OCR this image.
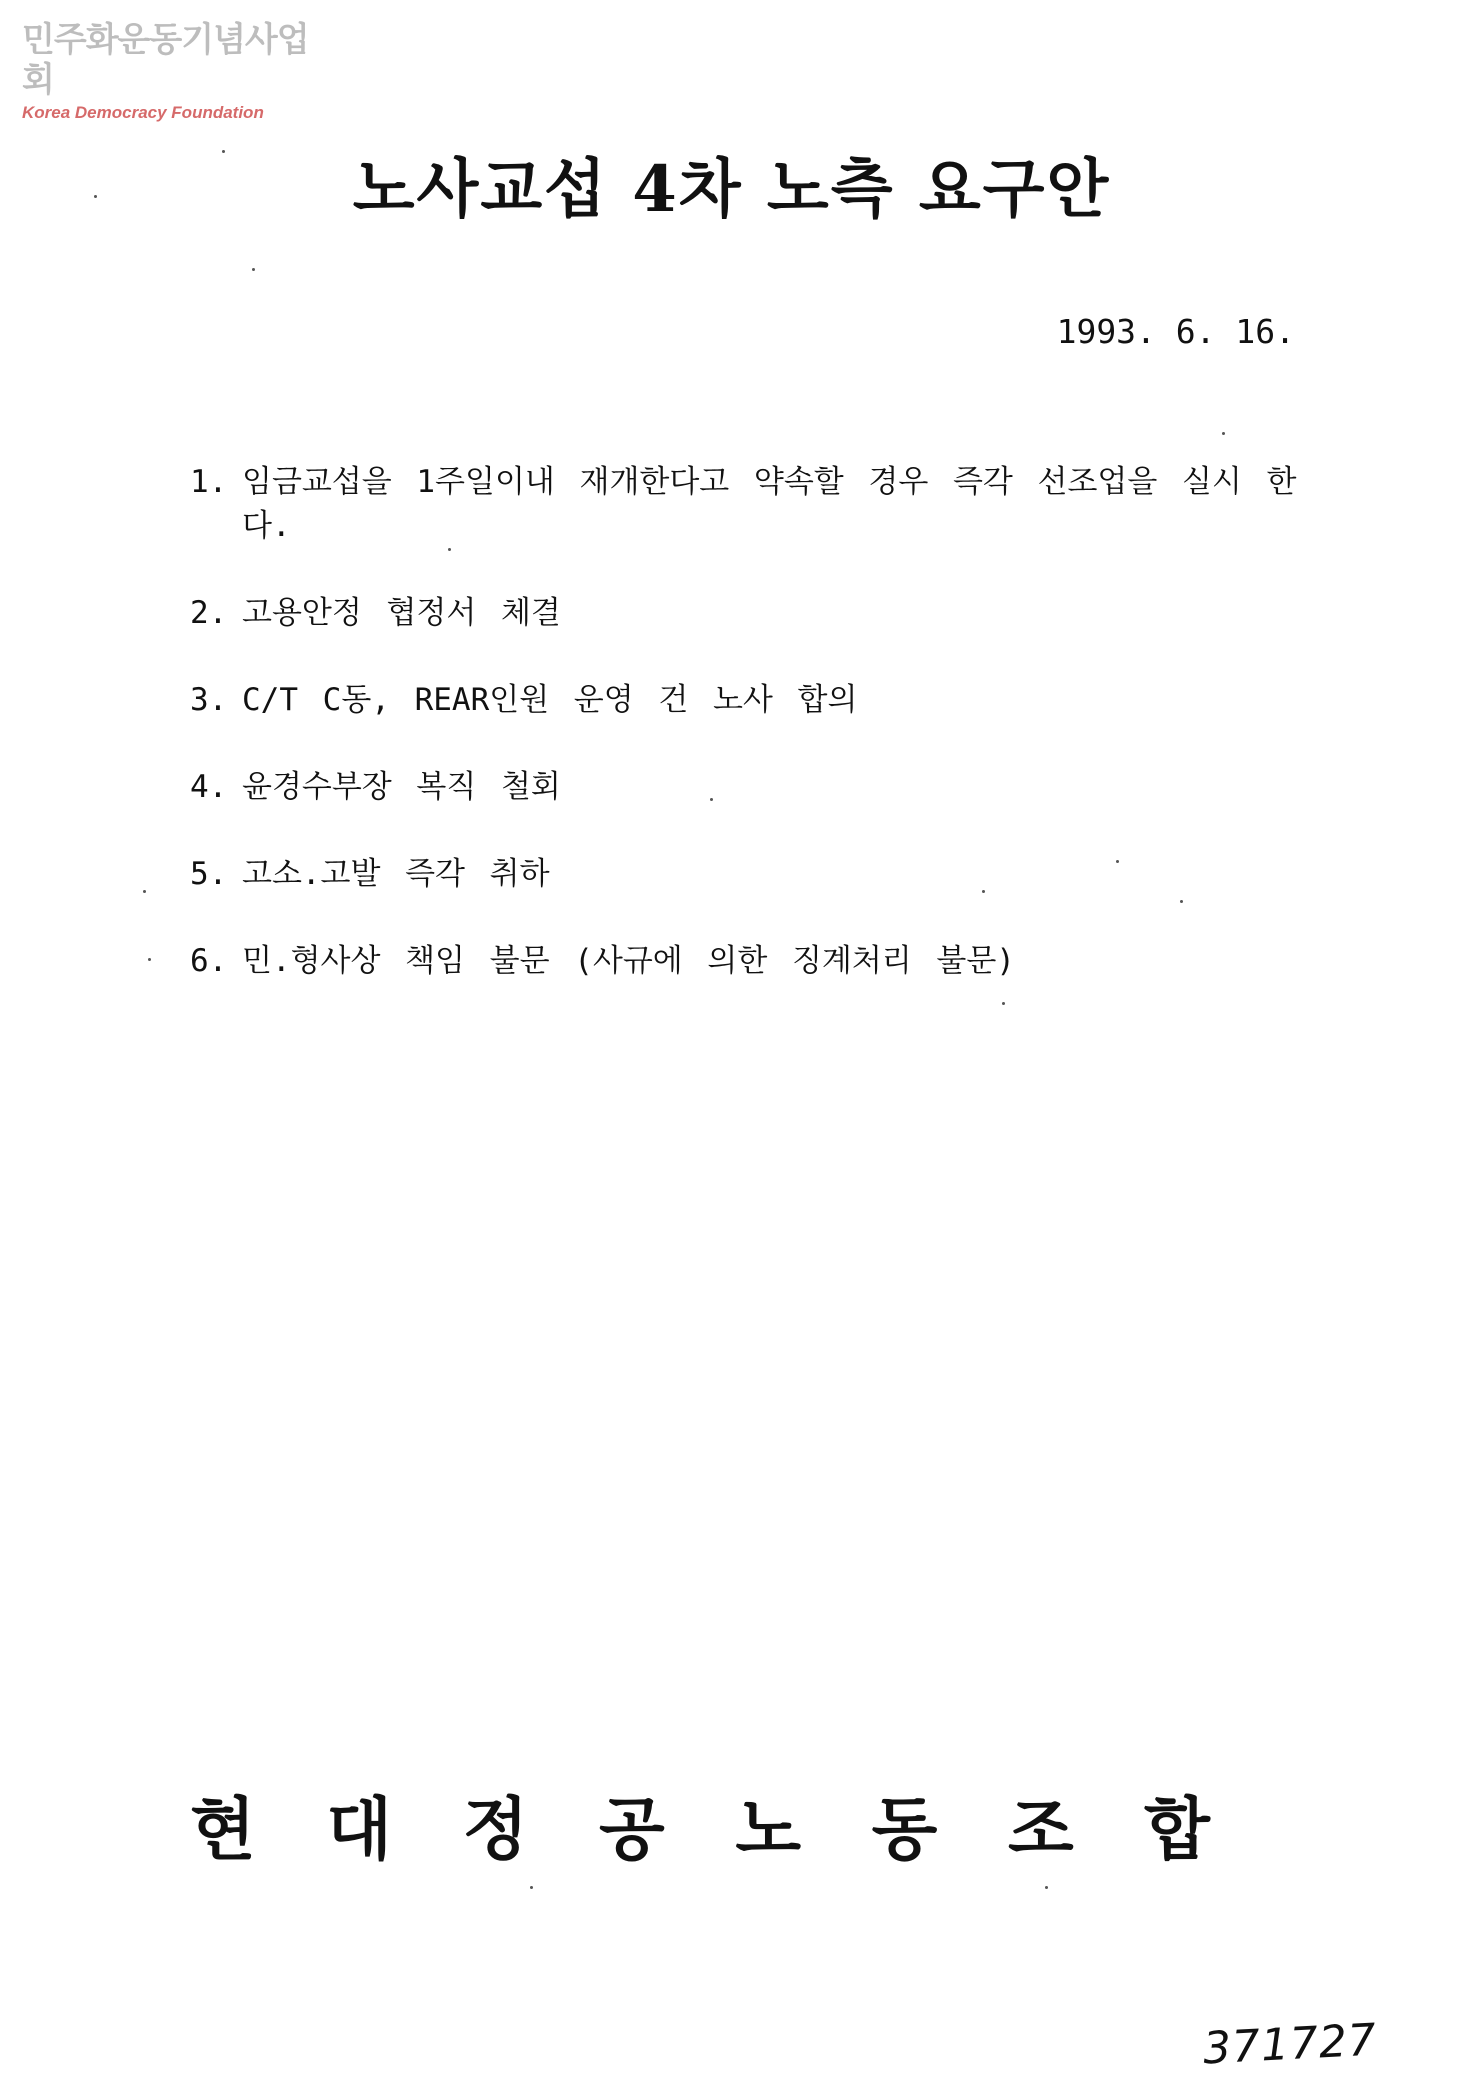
민주화운동기념사업회
Korea Democracy Foundation
노사교섭 4차 노측 요구안
1993. 6. 16.
1. 임금교섭을 1주일이내 재개한다고 약속할 경우 즉각 선조업을 실시 한다.
2. 고용안정 협정서 체결
3. C/T C동, REAR인원 운영 건 노사 합의
4. 윤경수부장 복직 철회
5. 고소.고발 즉각 취하
6. 민.형사상 책임 불문 (사규에 의한 징계처리 불문)
현 대 정 공 노 동 조 합
371727
